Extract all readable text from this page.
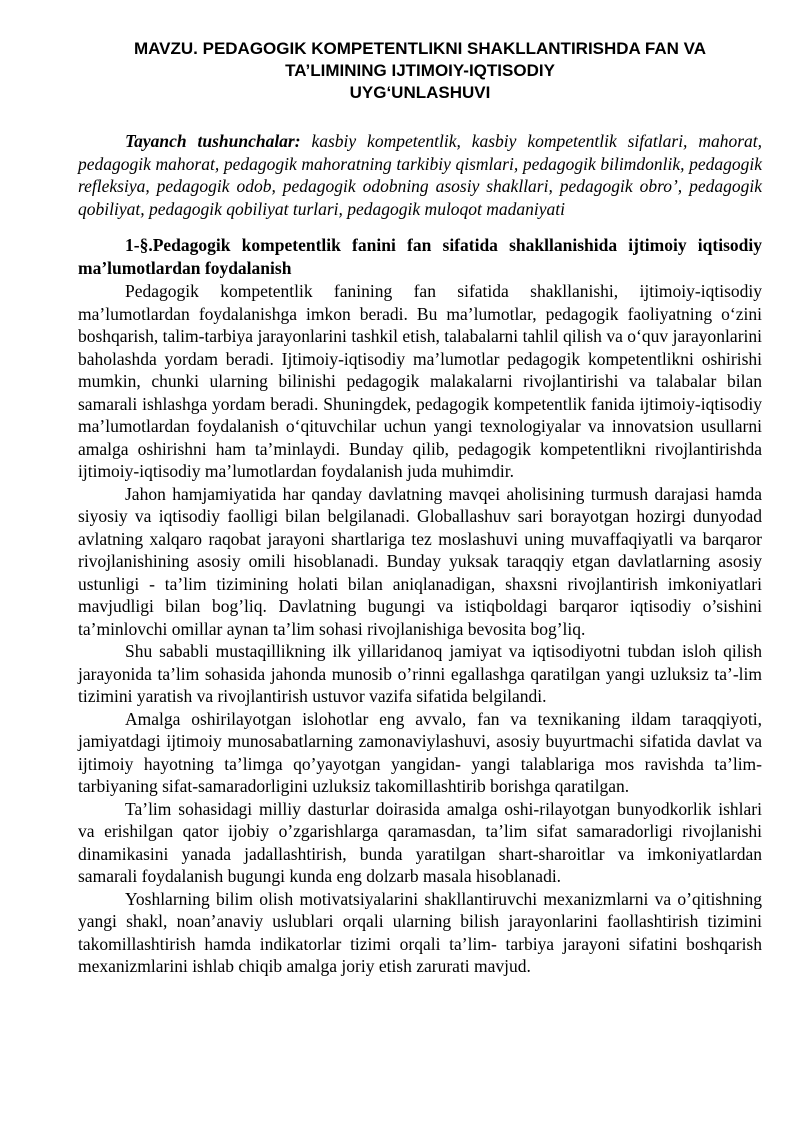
MAVZU. PEDAGOGIK KOMPETENTLIKNI SHAKLLANTIRISHDA FAN VA
TA’LIMINING IJTIMOIY-IQTISODIY
UYG‘UNLASHUVI

Tayanch tushunchalar: kasbiy kompetentlik, kasbiy kompetentlik sifatlari, mahorat, pedagogik mahorat, pedagogik mahoratning tarkibiy qismlari, pedagogik bilimdonlik, pedagogik refleksiya, pedagogik odob, pedagogik odobning asosiy shakllari, pedagogik obro’, pedagogik qobiliyat, pedagogik qobiliyat turlari, pedagogik muloqot madaniyati

1-§.Pedagogik kompetentlik fanini fan sifatida shakllanishida ijtimoiy iqtisodiy ma’lumotlardan foydalanish

Pedagogik kompetentlik fanining fan sifatida shakllanishi, ijtimoiy-iqtisodiy ma’lumotlardan foydalanishga imkon beradi. Bu ma’lumotlar, pedagogik faoliyatning o‘zini boshqarish, talim-tarbiya jarayonlarini tashkil etish, talabalarni tahlil qilish va o‘quv jarayonlarini baholashda yordam beradi. Ijtimoiy-iqtisodiy ma’lumotlar pedagogik kompetentlikni oshirishi mumkin, chunki ularning bilinishi pedagogik malakalarni rivojlantirishi va talabalar bilan samarali ishlashga yordam beradi. Shuningdek, pedagogik kompetentlik fanida ijtimoiy-iqtisodiy ma’lumotlardan foydalanish o‘qituvchilar uchun yangi texnologiyalar va innovatsion usullarni amalga oshirishni ham ta’minlaydi. Bunday qilib, pedagogik kompetentlikni rivojlantirishda ijtimoiy-iqtisodiy ma’lumotlardan foydalanish juda muhimdir.

Jahon hamjamiyatida har qanday davlatning mavqei aholisining turmush darajasi hamda siyosiy va iqtisodiy faolligi bilan belgilanadi. Globallashuv sari borayotgan hozirgi dunyodad avlatning xalqaro raqobat jarayoni shartlariga tez moslashuvi uning muvaffaqiyatli va barqaror rivojlanishining asosiy omili hisoblanadi. Bunday yuksak taraqqiy etgan davlatlarning asosiy ustunligi - ta’lim tizimining holati bilan aniqlanadigan, shaxsni rivojlantirish imkoniyatlari mavjudligi bilan bog’liq. Davlatning bugungi va istiqboldagi barqaror iqtisodiy o’sishini ta’minlovchi omillar aynan ta’lim sohasi rivojlanishiga bevosita bog’liq.

Shu sababli mustaqillikning ilk yillaridanoq jamiyat va iqtisodiyotni tubdan isloh qilish jarayonida ta’lim sohasida jahonda munosib o’rinni egallashga qaratilgan yangi uzluksiz ta’-lim tizimini yaratish va rivojlantirish ustuvor vazifa sifatida belgilandi.

Amalga oshirilayotgan islohotlar eng avvalo, fan va texnikaning ildam taraqqiyoti, jamiyatdagi ijtimoiy munosabatlarning zamonaviylashuvi, asosiy buyurtmachi sifatida davlat va ijtimoiy hayotning ta’limga qo’yayotgan yangidan- yangi talablariga mos ravishda ta’lim-tarbiyaning sifat-samaradorligini uzluksiz takomillashtirib borishga qaratilgan.

Ta’lim sohasidagi milliy dasturlar doirasida amalga oshi-rilayotgan bunyodkorlik ishlari va erishilgan qator ijobiy o’zgarishlarga qaramasdan, ta’lim sifat samaradorligi rivojlanishi dinamikasini yanada jadallashtirish, bunda yaratilgan shart-sharoitlar va imkoniyatlardan samarali foydalanish bugungi kunda eng dolzarb masala hisoblanadi.

Yoshlarning bilim olish motivatsiyalarini shakllantiruvchi mexanizmlarni va o’qitishning yangi shakl, noan’anaviy uslublari orqali ularning bilish jarayonlarini faollashtirish tizimini takomillashtirish hamda indikatorlar tizimi orqali ta’lim- tarbiya jarayoni sifatini boshqarish mexanizmlarini ishlab chiqib amalga joriy etish zarurati mavjud.
